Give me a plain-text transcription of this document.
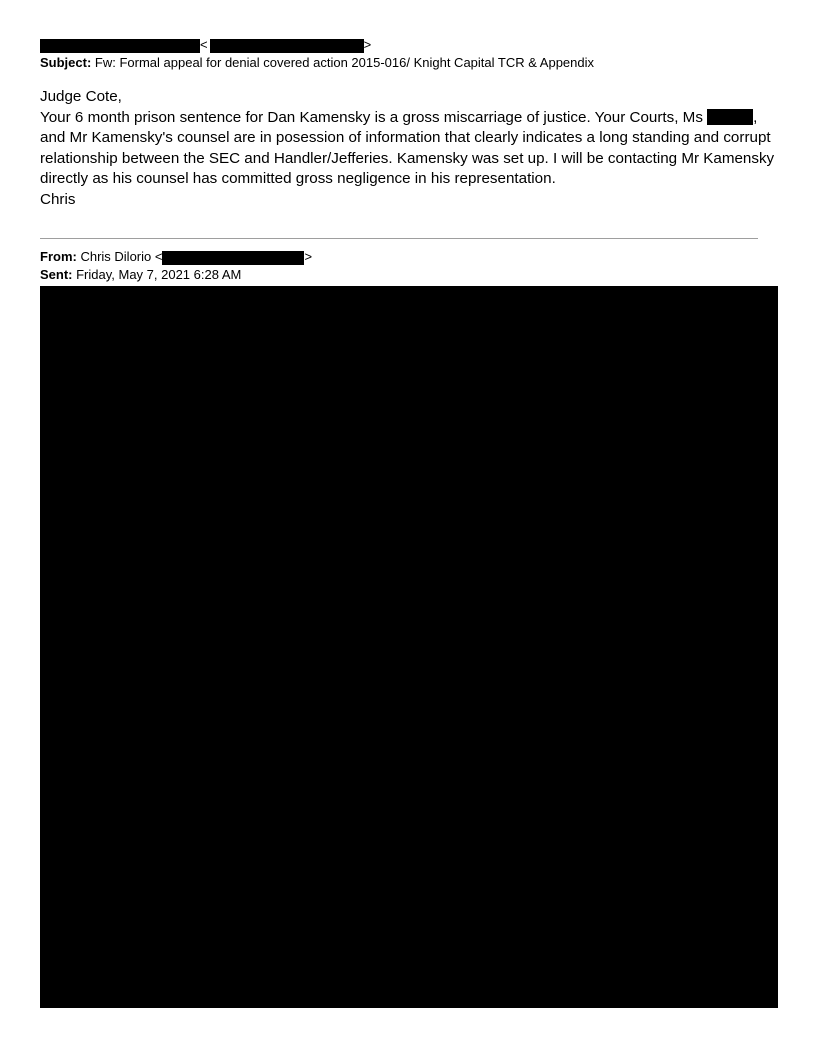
<	>
Subject: Fw: Formal appeal for denial covered action 2015-016/ Knight Capital TCR & Appendix

Judge Cote,

Your 6 month prison sentence for Dan Kamensky is a gross miscarriage of justice. Your Courts, Ms	, and Mr Kamensky's counsel are in posession of information that clearly indicates a long standing and corrupt relationship between the SEC and Handler/Jefferies. Kamensky was set up. I will be contacting Mr Kamensky directly as his counsel has committed gross negligence in his representation.

Chris

From: Chris Dilorio <	>
Sent: Friday, May 7, 2021 6:28 AM
